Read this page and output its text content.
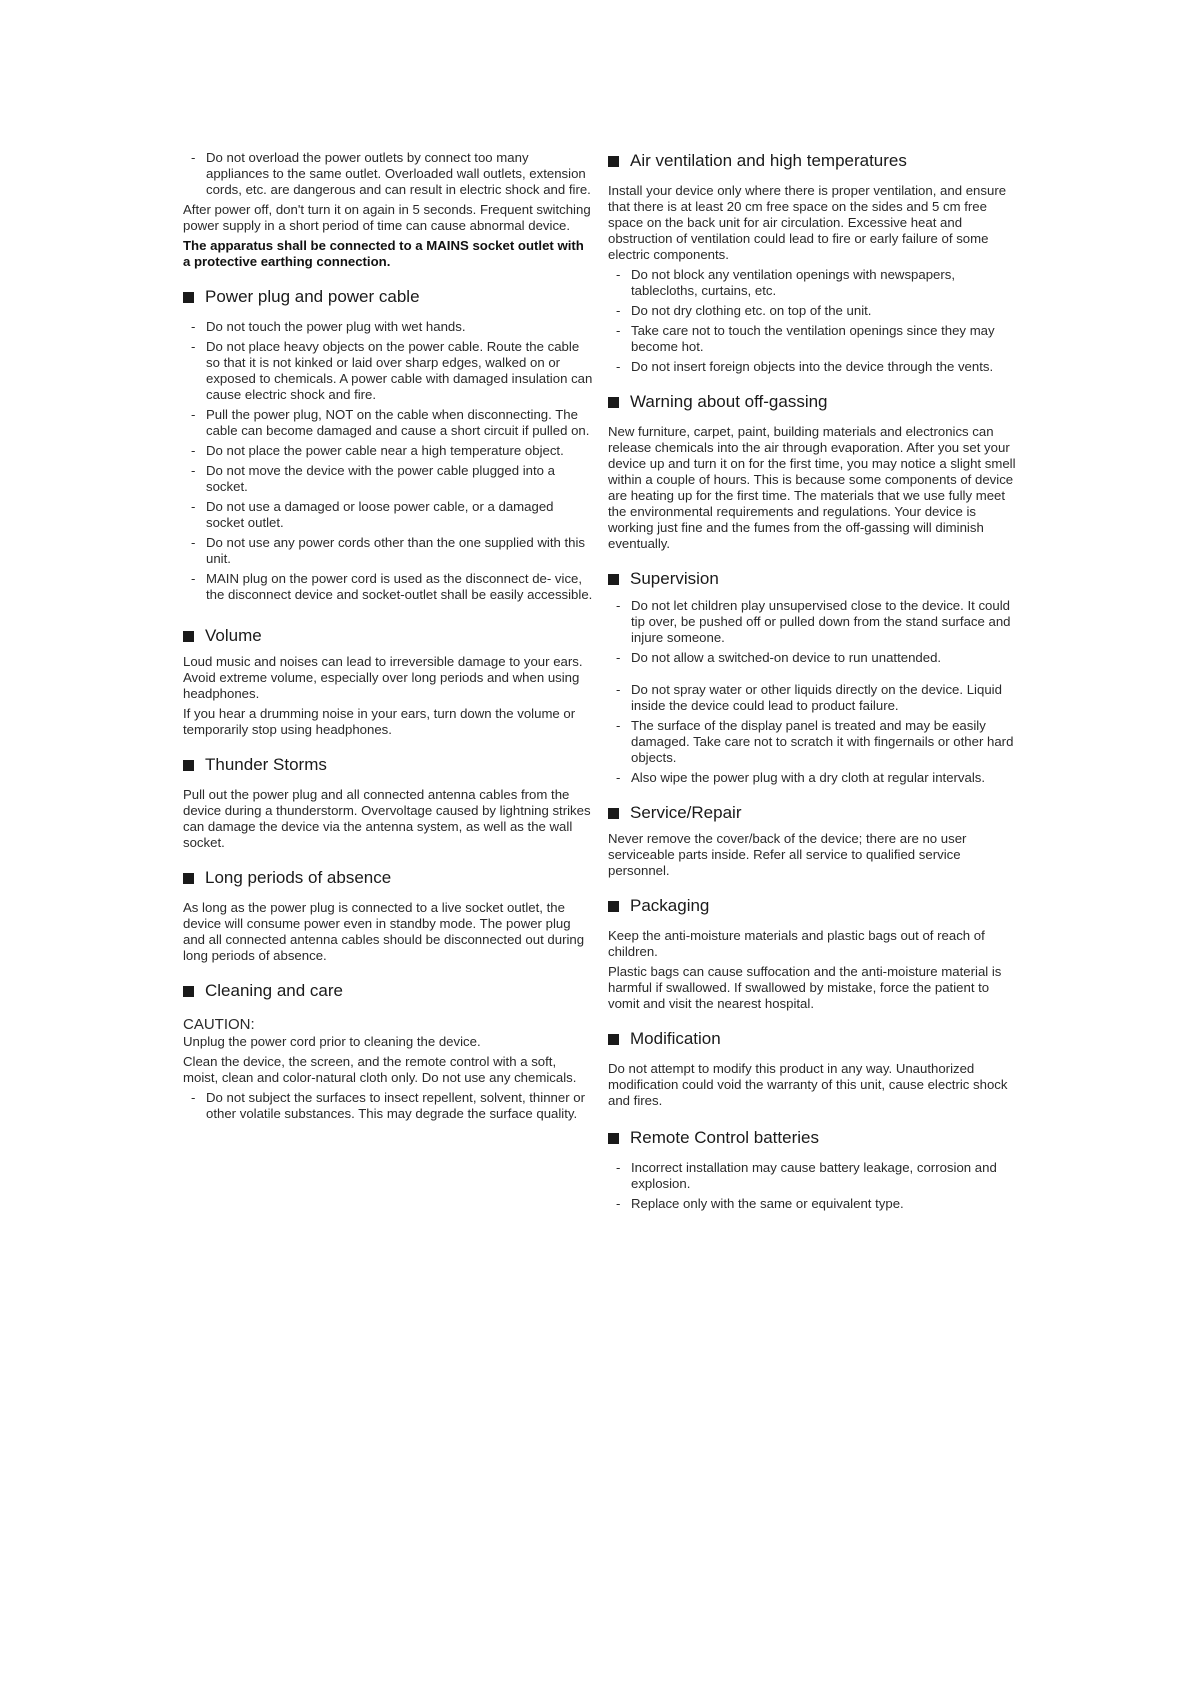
- Do not overload the power outlets by connect too many appliances to the same outlet. Overloaded wall outlets, extension cords, etc. are dangerous and can result in electric shock and fire.

After power off, don't turn it on again in 5 seconds. Frequent switching power supply in a short period of time can cause abnormal device.

The apparatus shall be connected to a MAINS socket outlet with a protective earthing connection.

Power plug and power cable
- Do not touch the power plug with wet hands.
- Do not place heavy objects on the power cable. Route the cable so that it is not kinked or laid over sharp edges, walked on or exposed to chemicals. A power cable with damaged insulation can cause electric shock and fire.
- Pull the power plug, NOT on the cable when disconnecting. The cable can become damaged and cause a short circuit if pulled on.
- Do not place the power cable near a high temperature object.
- Do not move the device with the power cable plugged into a socket.
- Do not use a damaged or loose power cable, or a damaged socket outlet.
- Do not use any power cords other than the one supplied with this unit.
- MAIN plug on the power cord is used as the disconnect de- vice, the disconnect device and socket-outlet shall be easily accessible.
Volume

Loud music and noises can lead to irreversible damage to your ears. Avoid extreme volume, especially over long periods and when using headphones.

If you hear a drumming noise in your ears, turn down the volume or temporarily stop using headphones.

Thunder Storms

Pull out the power plug and all connected antenna cables from the device during a thunderstorm. Overvoltage caused by lightning strikes can damage the device via the antenna system, as well as the wall socket.

Long periods of absence

As long as the power plug is connected to a live socket outlet, the device will consume power even in standby mode. The power plug and all connected antenna cables should be disconnected out during long periods of absence.

Cleaning and care

CAUTION:

Unplug the power cord prior to cleaning the device.

Clean the device, the screen, and the remote control with a soft, moist, clean and color-natural cloth only. Do not use any chemicals.

- Do not subject the surfaces to insect repellent, solvent, thinner or other volatile substances. This may degrade the surface quality.
Air ventilation and high temperatures

Install your device only where there is proper ventilation, and ensure that there is at least 20 cm free space on the sides and 5 cm free space on the back unit for air circulation. Excessive heat and obstruction of ventilation could lead to fire or early failure of some electric components.

- Do not block any ventilation openings with newspapers, tablecloths, curtains, etc.
- Do not dry clothing etc. on top of the unit.
- Take care not to touch the ventilation openings since they may become hot.
- Do not insert foreign objects into the device through the vents.
Warning about off-gassing

New furniture, carpet, paint, building materials and electronics can release chemicals into the air through evaporation. After you set your device up and turn it on for the first time, you may notice a slight smell within a couple of hours. This is because some components of device are heating up for the first time. The materials that we use fully meet the environmental requirements and regulations. Your device is working just fine and the fumes from the off-gassing will diminish eventually.

Supervision
- Do not let children play unsupervised close to the device. It could tip over, be pushed off or pulled down from the stand surface and injure someone.
- Do not allow a switched-on device to run unattended.
- Do not spray water or other liquids directly on the device. Liquid inside the device could lead to product failure.
- The surface of the display panel is treated and may be easily damaged. Take care not to scratch it with fingernails or other hard objects.
- Also wipe the power plug with a dry cloth at regular intervals.
Service/Repair

Never remove the cover/back of the device; there are no user serviceable parts inside. Refer all service to qualified service personnel.

Packaging

Keep the anti-moisture materials and plastic bags out of reach of children.

Plastic bags can cause suffocation and the anti-moisture material is harmful if swallowed. If swallowed by mistake, force the patient to vomit and visit the nearest hospital.

Modification

Do not attempt to modify this product in any way. Unauthorized modification could void the warranty of this unit, cause electric shock and fires.

Remote Control batteries
- Incorrect installation may cause battery leakage, corrosion and explosion.
- Replace only with the same or equivalent type.
